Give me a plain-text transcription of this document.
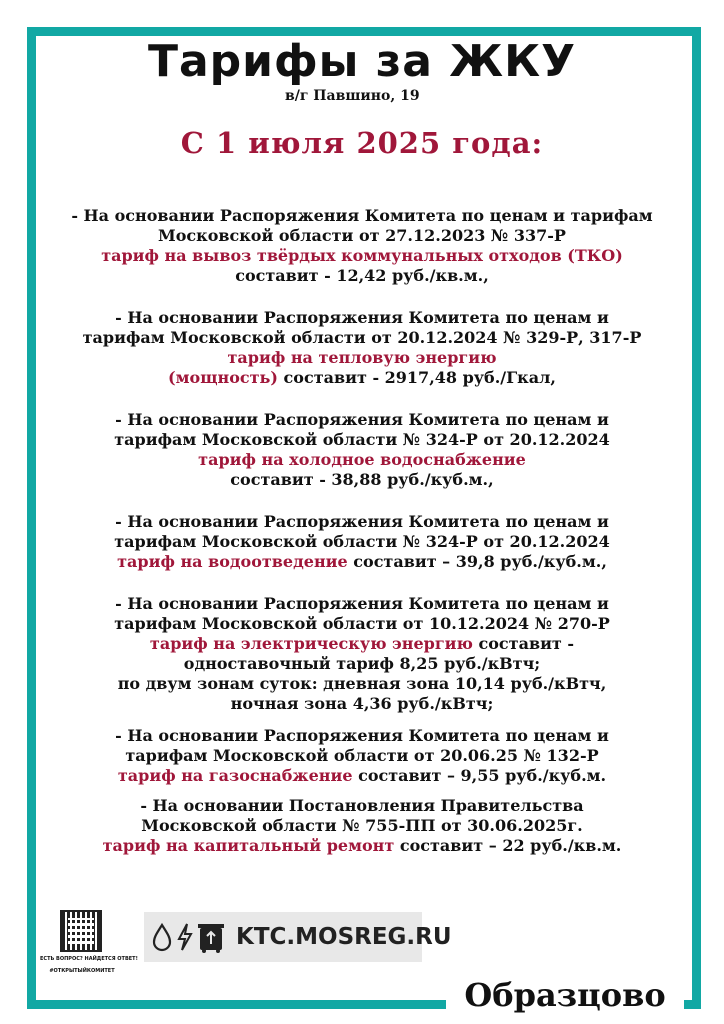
Тарифы за ЖКУ
в/г Павшино, 19
С 1 июля 2025 года:
- На основании Распоряжения Комитета по ценам и тарифам
Московской области от 27.12.2023 № 337-Р
тариф на вывоз твёрдых коммунальных отходов (ТКО)
составит - 12,42 руб./кв.м.,
- На основании Распоряжения Комитета по ценам и
тарифам Московской области от 20.12.2024 № 329-Р, 317-Р
тариф на тепловую энергию
(мощность) составит - 2917,48 руб./Гкал,
- На основании Распоряжения Комитета по ценам и
тарифам Московской области № 324-Р от 20.12.2024
тариф на холодное водоснабжение
составит - 38,88 руб./куб.м.,
- На основании Распоряжения Комитета по ценам и
тарифам Московской области № 324-Р от 20.12.2024
тариф на водоотведение составит – 39,8 руб./куб.м.,
- На основании Распоряжения Комитета по ценам и
тарифам Московской области от 10.12.2024 № 270-Р
тариф на электрическую энергию составит -
одноставочный тариф 8,25 руб./кВтч;
по двум зонам суток: дневная зона 10,14 руб./кВтч,
ночная зона 4,36 руб./кВтч;
- На основании Распоряжения Комитета по ценам и
тарифам Московской области от 20.06.25 № 132-Р
тариф на газоснабжение составит – 9,55 руб./куб.м.
- На основании Постановления Правительства
Московской области № 755-ПП от 30.06.2025г.
тариф на капитальный ремонт составит – 22 руб./кв.м.
ЕСТЬ ВОПРОС? НАЙДЕТСЯ ОТВЕТ!
#ОТКРЫТЫЙКОМИТЕТ
KTC.MOSREG.RU
Образцово
